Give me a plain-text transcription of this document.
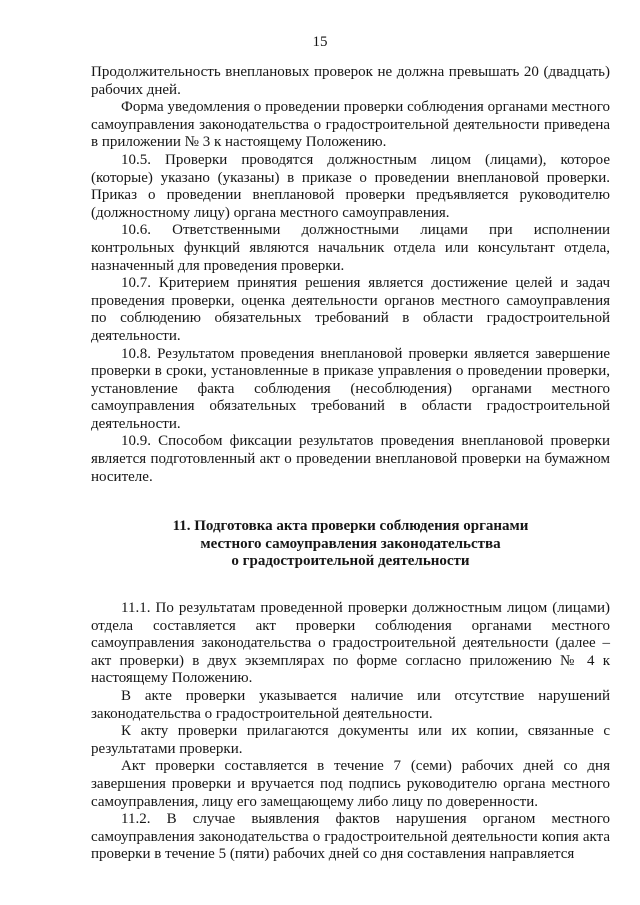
15

Продолжительность внеплановых проверок не должна превышать 20 (двадцать) рабочих дней.

Форма уведомления о проведении проверки соблюдения органами местного самоуправления законодательства о градостроительной деятельности приведена в приложении № 3 к настоящему Положению.

10.5. Проверки проводятся должностным лицом (лицами), которое (которые) указано (указаны) в приказе о проведении внеплановой проверки. Приказ о проведении внеплановой проверки предъявляется руководителю (должностному лицу) органа местного самоуправления.

10.6. Ответственными должностными лицами при исполнении контрольных функций являются начальник отдела или консультант отдела, назначенный для проведения проверки.

10.7. Критерием принятия решения является достижение целей и задач проведения проверки, оценка деятельности органов местного самоуправления по соблюдению обязательных требований в области градостроительной деятельности.

10.8. Результатом проведения внеплановой проверки является завершение проверки в сроки, установленные в приказе управления о проведении проверки, установление факта соблюдения (несоблюдения) органами местного самоуправления обязательных требований в области градостроительной деятельности.

10.9. Способом фиксации результатов проведения внеплановой проверки является подготовленный акт о проведении внеплановой проверки на бумажном носителе.

11. Подготовка акта проверки соблюдения органами
местного самоуправления законодательства
о градостроительной деятельности

11.1. По результатам проведенной проверки должностным лицом (лицами) отдела составляется акт проверки соблюдения органами местного самоуправления законодательства о градостроительной деятельности (далее – акт проверки) в двух экземплярах по форме согласно приложению № 4 к настоящему Положению.

В акте проверки указывается наличие или отсутствие нарушений законодательства о градостроительной деятельности.

К акту проверки прилагаются документы или их копии, связанные с результатами проверки.

Акт проверки составляется в течение 7 (семи) рабочих дней со дня завершения проверки и вручается под подпись руководителю органа местного самоуправления, лицу его замещающему либо лицу по доверенности.

11.2. В случае выявления фактов нарушения органом местного самоуправления законодательства о градостроительной деятельности копия акта проверки в течение 5 (пяти) рабочих дней со дня составления направляется
